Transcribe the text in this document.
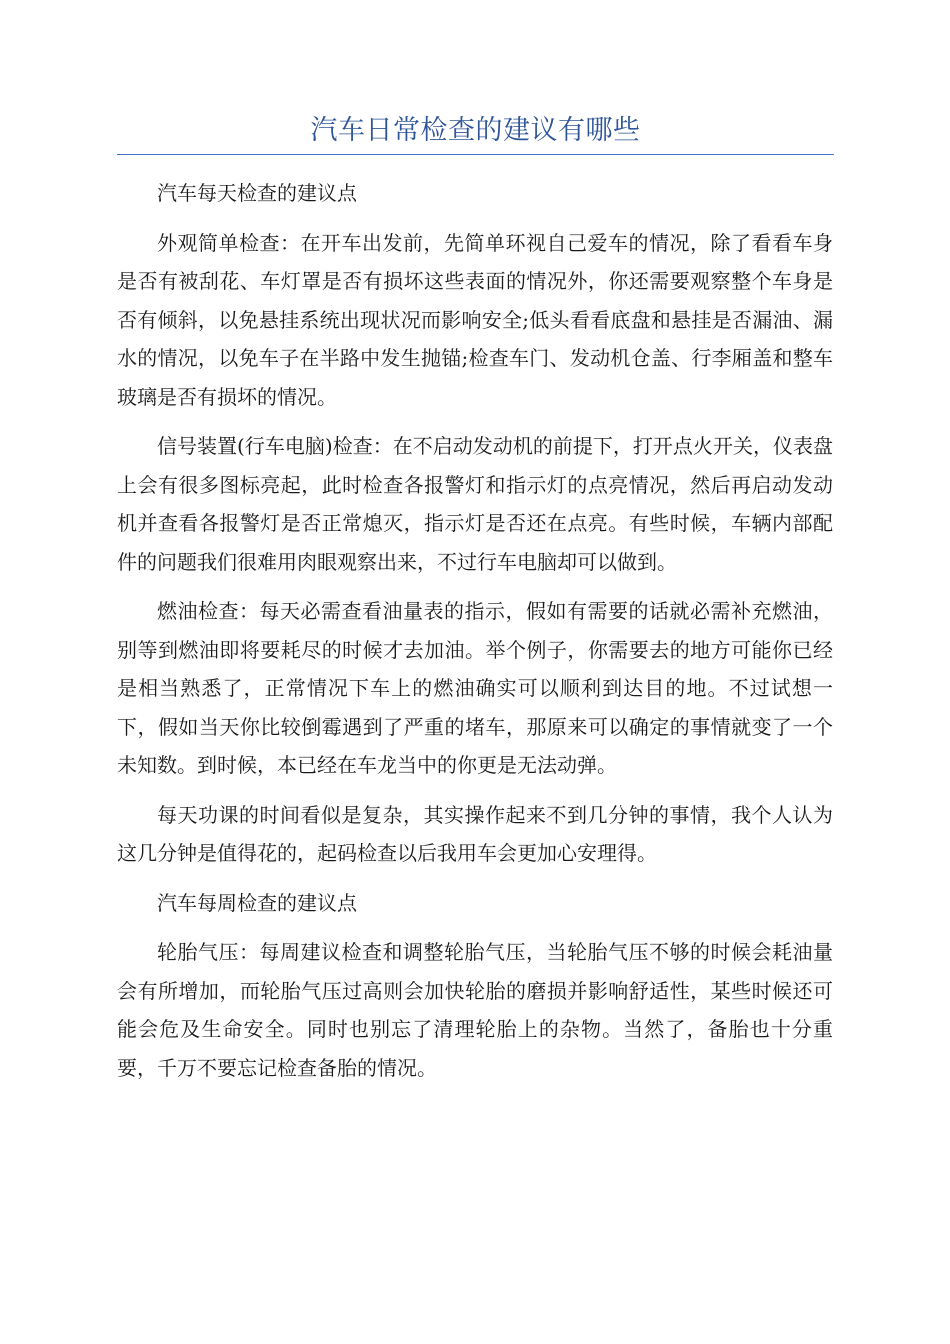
汽车日常检查的建议有哪些

汽车每天检查的建议点

外观简单检查：在开车出发前，先简单环视自己爱车的情况，除了看看车身是否有被刮花、车灯罩是否有损坏这些表面的情况外，你还需要观察整个车身是否有倾斜，以免悬挂系统出现状况而影响安全;低头看看底盘和悬挂是否漏油、漏水的情况，以免车子在半路中发生抛锚;检查车门、发动机仓盖、行李厢盖和整车玻璃是否有损坏的情况。

信号装置(行车电脑)检查：在不启动发动机的前提下，打开点火开关，仪表盘上会有很多图标亮起，此时检查各报警灯和指示灯的点亮情况，然后再启动发动机并查看各报警灯是否正常熄灭，指示灯是否还在点亮。有些时候，车辆内部配件的问题我们很难用肉眼观察出来，不过行车电脑却可以做到。

燃油检查：每天必需查看油量表的指示，假如有需要的话就必需补充燃油，别等到燃油即将要耗尽的时候才去加油。举个例子，你需要去的地方可能你已经是相当熟悉了，正常情况下车上的燃油确实可以顺利到达目的地。不过试想一下，假如当天你比较倒霉遇到了严重的堵车，那原来可以确定的事情就变了一个未知数。到时候，本已经在车龙当中的你更是无法动弹。

每天功课的时间看似是复杂，其实操作起来不到几分钟的事情，我个人认为这几分钟是值得花的，起码检查以后我用车会更加心安理得。

汽车每周检查的建议点

轮胎气压：每周建议检查和调整轮胎气压，当轮胎气压不够的时候会耗油量会有所增加，而轮胎气压过高则会加快轮胎的磨损并影响舒适性，某些时候还可能会危及生命安全。同时也别忘了清理轮胎上的杂物。当然了，备胎也十分重要，千万不要忘记检查备胎的情况。
